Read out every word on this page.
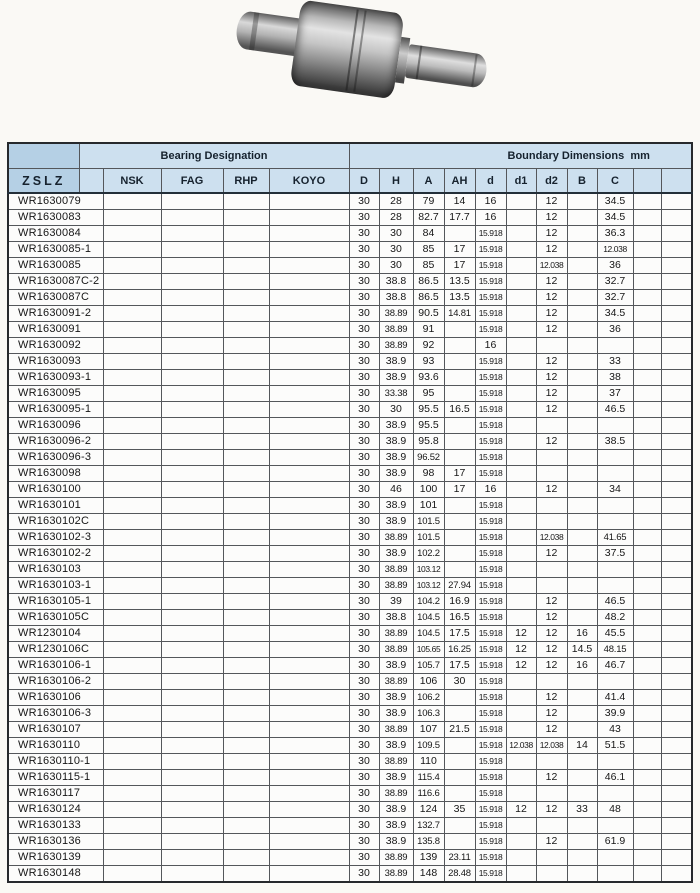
	Bearing Designation					Boundary Dimensions  mm										
ZSLZ		NSK	FAG	RHP	KOYO	D	H	A	AH	d	d1	d2	B	C		
WR1630079						30	28	79	14	16		12		34.5		
WR1630083						30	28	82.7	17.7	16		12		34.5		
WR1630084						30	30	84		15.918		12		36.3		
WR1630085-1						30	30	85	17	15.918		12		12.038		
WR1630085						30	30	85	17	15.918		12.038		36		
WR1630087C-2						30	38.8	86.5	13.5	15.918		12		32.7		
WR1630087C						30	38.8	86.5	13.5	15.918		12		32.7		
WR1630091-2						30	38.89	90.5	14.81	15.918		12		34.5		
WR1630091						30	38.89	91		15.918		12		36		
WR1630092						30	38.89	92		16						
WR1630093						30	38.9	93		15.918		12		33		
WR1630093-1						30	38.9	93.6		15.918		12		38		
WR1630095						30	33.38	95		15.918		12		37		
WR1630095-1						30	30	95.5	16.5	15.918		12		46.5		
WR1630096						30	38.9	95.5		15.918						
WR1630096-2						30	38.9	95.8		15.918		12		38.5		
WR1630096-3						30	38.9	96.52		15.918						
WR1630098						30	38.9	98	17	15.918						
WR1630100						30	46	100	17	16		12		34		
WR1630101						30	38.9	101		15.918						
WR1630102C						30	38.9	101.5		15.918						
WR1630102-3						30	38.89	101.5		15.918		12.038		41.65		
WR1630102-2						30	38.9	102.2		15.918		12		37.5		
WR1630103						30	38.89	103.12		15.918						
WR1630103-1						30	38.89	103.12	27.94	15.918						
WR1630105-1						30	39	104.2	16.9	15.918		12		46.5		
WR1630105C						30	38.8	104.5	16.5	15.918		12		48.2		
WR1230104						30	38.89	104.5	17.5	15.918	12	12	16	45.5		
WR1230106C						30	38.89	105.65	16.25	15.918	12	12	14.5	48.15		
WR1630106-1						30	38.9	105.7	17.5	15.918	12	12	16	46.7		
WR1630106-2						30	38.89	106	30	15.918						
WR1630106						30	38.9	106.2		15.918		12		41.4		
WR1630106-3						30	38.9	106.3		15.918		12		39.9		
WR1630107						30	38.89	107	21.5	15.918		12		43		
WR1630110						30	38.9	109.5		15.918	12.038	12.038	14	51.5		
WR1630110-1						30	38.89	110		15.918						
WR1630115-1						30	38.9	115.4		15.918		12		46.1		
WR1630117						30	38.89	116.6		15.918						
WR1630124						30	38.9	124	35	15.918	12	12	33	48		
WR1630133						30	38.9	132.7		15.918						
WR1630136						30	38.9	135.8		15.918		12		61.9		
WR1630139						30	38.89	139	23.11	15.918						
WR1630148						30	38.89	148	28.48	15.918						
